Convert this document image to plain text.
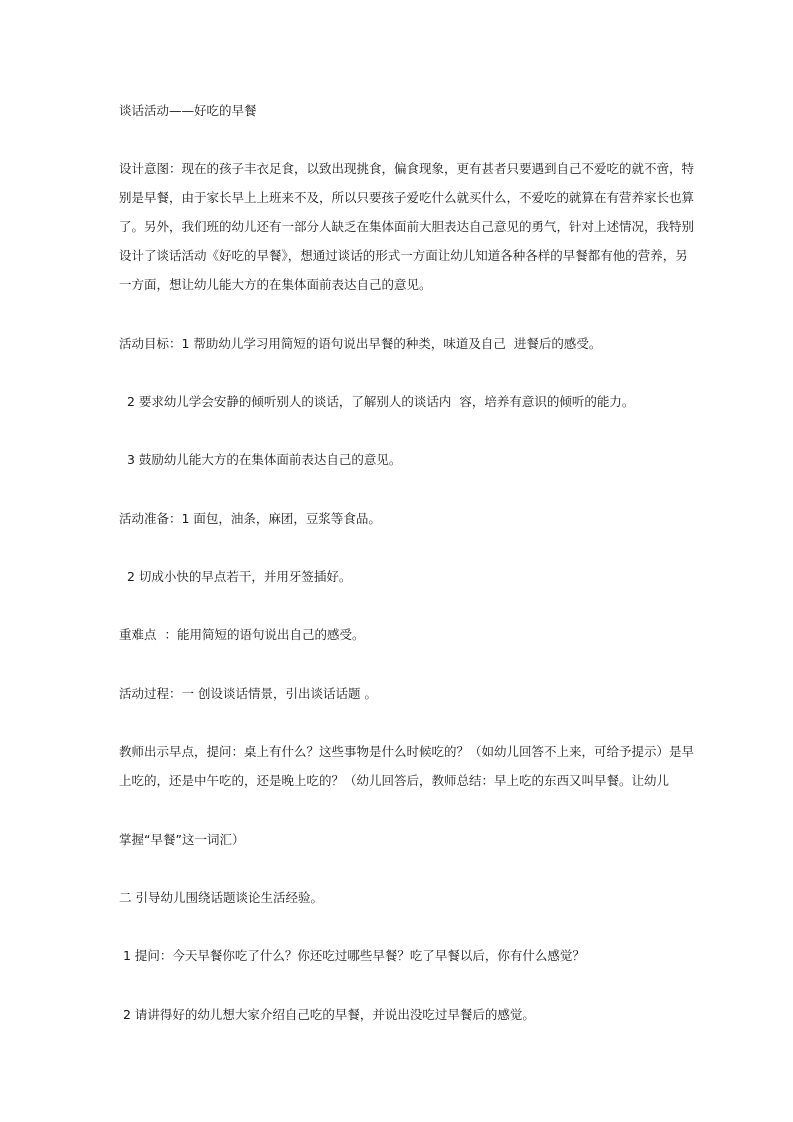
谈话活动——好吃的早餐
设计意图：现在的孩子丰衣足食，以致出现挑食，偏食现象，更有甚者只要遇到自己不爱吃的就不啻，特
别是早餐，由于家长早上上班来不及，所以只要孩子爱吃什么就买什么，不爱吃的就算在有营养家长也算
了。另外，我们班的幼儿还有一部分人缺乏在集体面前大胆表达自己意见的勇气，针对上述情况，我特别
设计了谈话活动《好吃的早餐》，想通过谈话的形式一方面让幼儿知道各种各样的早餐都有他的营养，另
一方面，想让幼儿能大方的在集体面前表达自己的意见。
活动目标：1 帮助幼儿学习用简短的语句说出早餐的种类，味道及自己  进餐后的感受。
2 要求幼儿学会安静的倾听别人的谈话，了解别人的谈话内  容，培养有意识的倾听的能力。
3 鼓励幼儿能大方的在集体面前表达自己的意见。
活动准备：1 面包，油条，麻团，豆浆等食品。
2 切成小快的早点若干，并用牙签插好。
重难点  ：能用简短的语句说出自己的感受。
活动过程：一 创设谈话情景，引出谈话话题 。
教师出示早点，提问：桌上有什么？这些事物是什么时候吃的？（如幼儿回答不上来，可给予提示）是早
上吃的，还是中午吃的，还是晚上吃的？（幼儿回答后，教师总结：早上吃的东西又叫早餐。让幼儿
掌握“早餐”这一词汇）
二 引导幼儿围绕话题谈论生活经验。
1 提问：今天早餐你吃了什么？你还吃过哪些早餐？吃了早餐以后，你有什么感觉？
2 请讲得好的幼儿想大家介绍自己吃的早餐，并说出没吃过早餐后的感觉。
